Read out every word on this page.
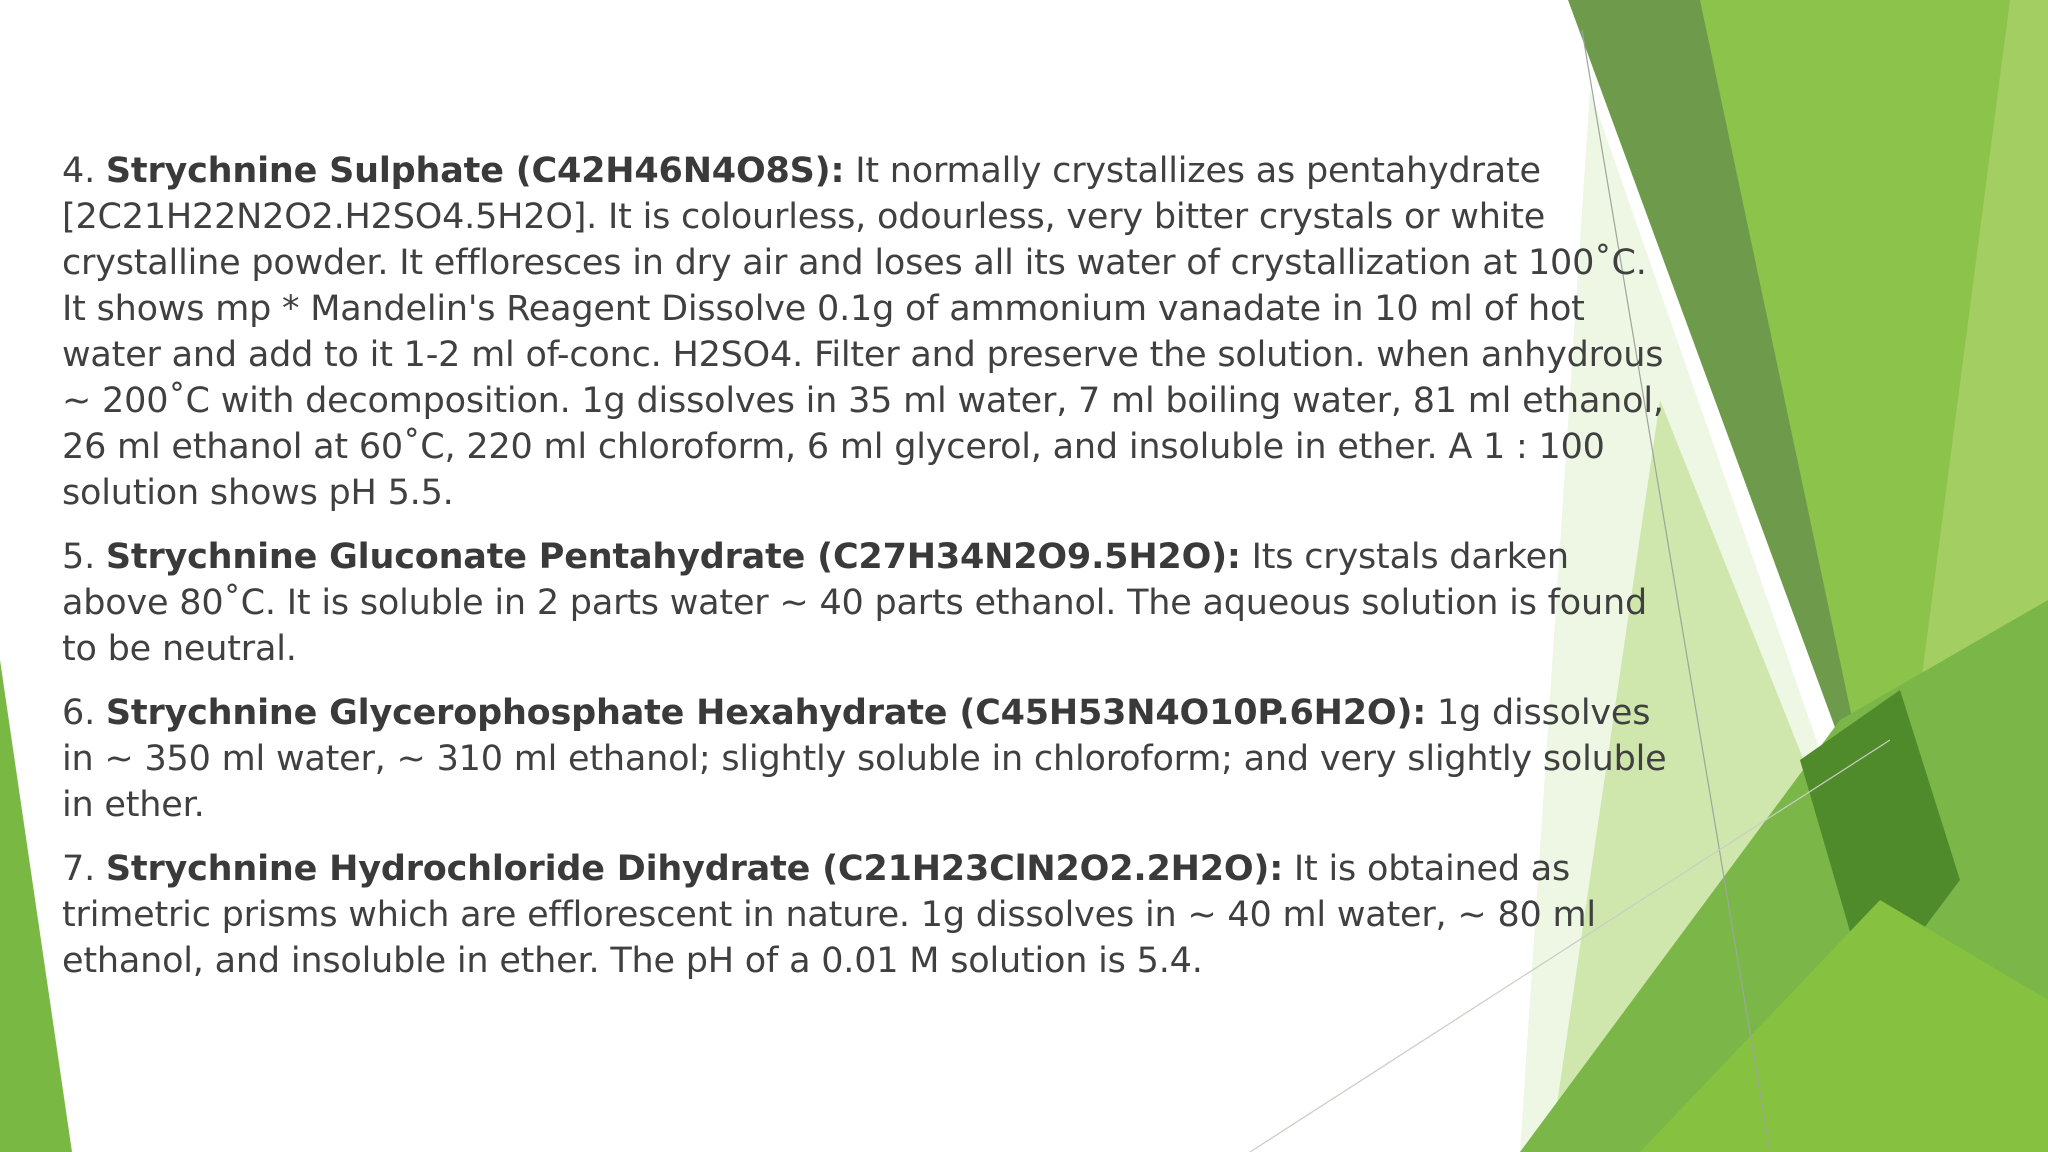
4. Strychnine Sulphate (C42H46N4O8S): It normally crystallizes as pentahydrate [2C21H22N2O2.H2SO4.5H2O]. It is colourless, odourless, very bitter crystals or white crystalline powder. It effloresces in dry air and loses all its water of crystallization at 100˚C. It shows mp * Mandelin's Reagent Dissolve 0.1g of ammonium vanadate in 10 ml of hot water and add to it 1-2 ml of-conc. H2SO4. Filter and preserve the solution. when anhydrous ~ 200˚C with decomposition. 1g dissolves in 35 ml water, 7 ml boiling water, 81 ml ethanol, 26 ml ethanol at 60˚C, 220 ml chloroform, 6 ml glycerol, and insoluble in ether. A 1 : 100 solution shows pH 5.5.

5. Strychnine Gluconate Pentahydrate (C27H34N2O9.5H2O): Its crystals darken above 80˚C. It is soluble in 2 parts water ~ 40 parts ethanol. The aqueous solution is found to be neutral.

6. Strychnine Glycerophosphate Hexahydrate (C45H53N4O10P.6H2O): 1g dissolves in ~ 350 ml water, ~ 310 ml ethanol; slightly soluble in chloroform; and very slightly soluble in ether.

7. Strychnine Hydrochloride Dihydrate (C21H23ClN2O2.2H2O): It is obtained as trimetric prisms which are efflorescent in nature. 1g dissolves in ~ 40 ml water, ~ 80 ml ethanol, and insoluble in ether. The pH of a 0.01 M solution is 5.4.
